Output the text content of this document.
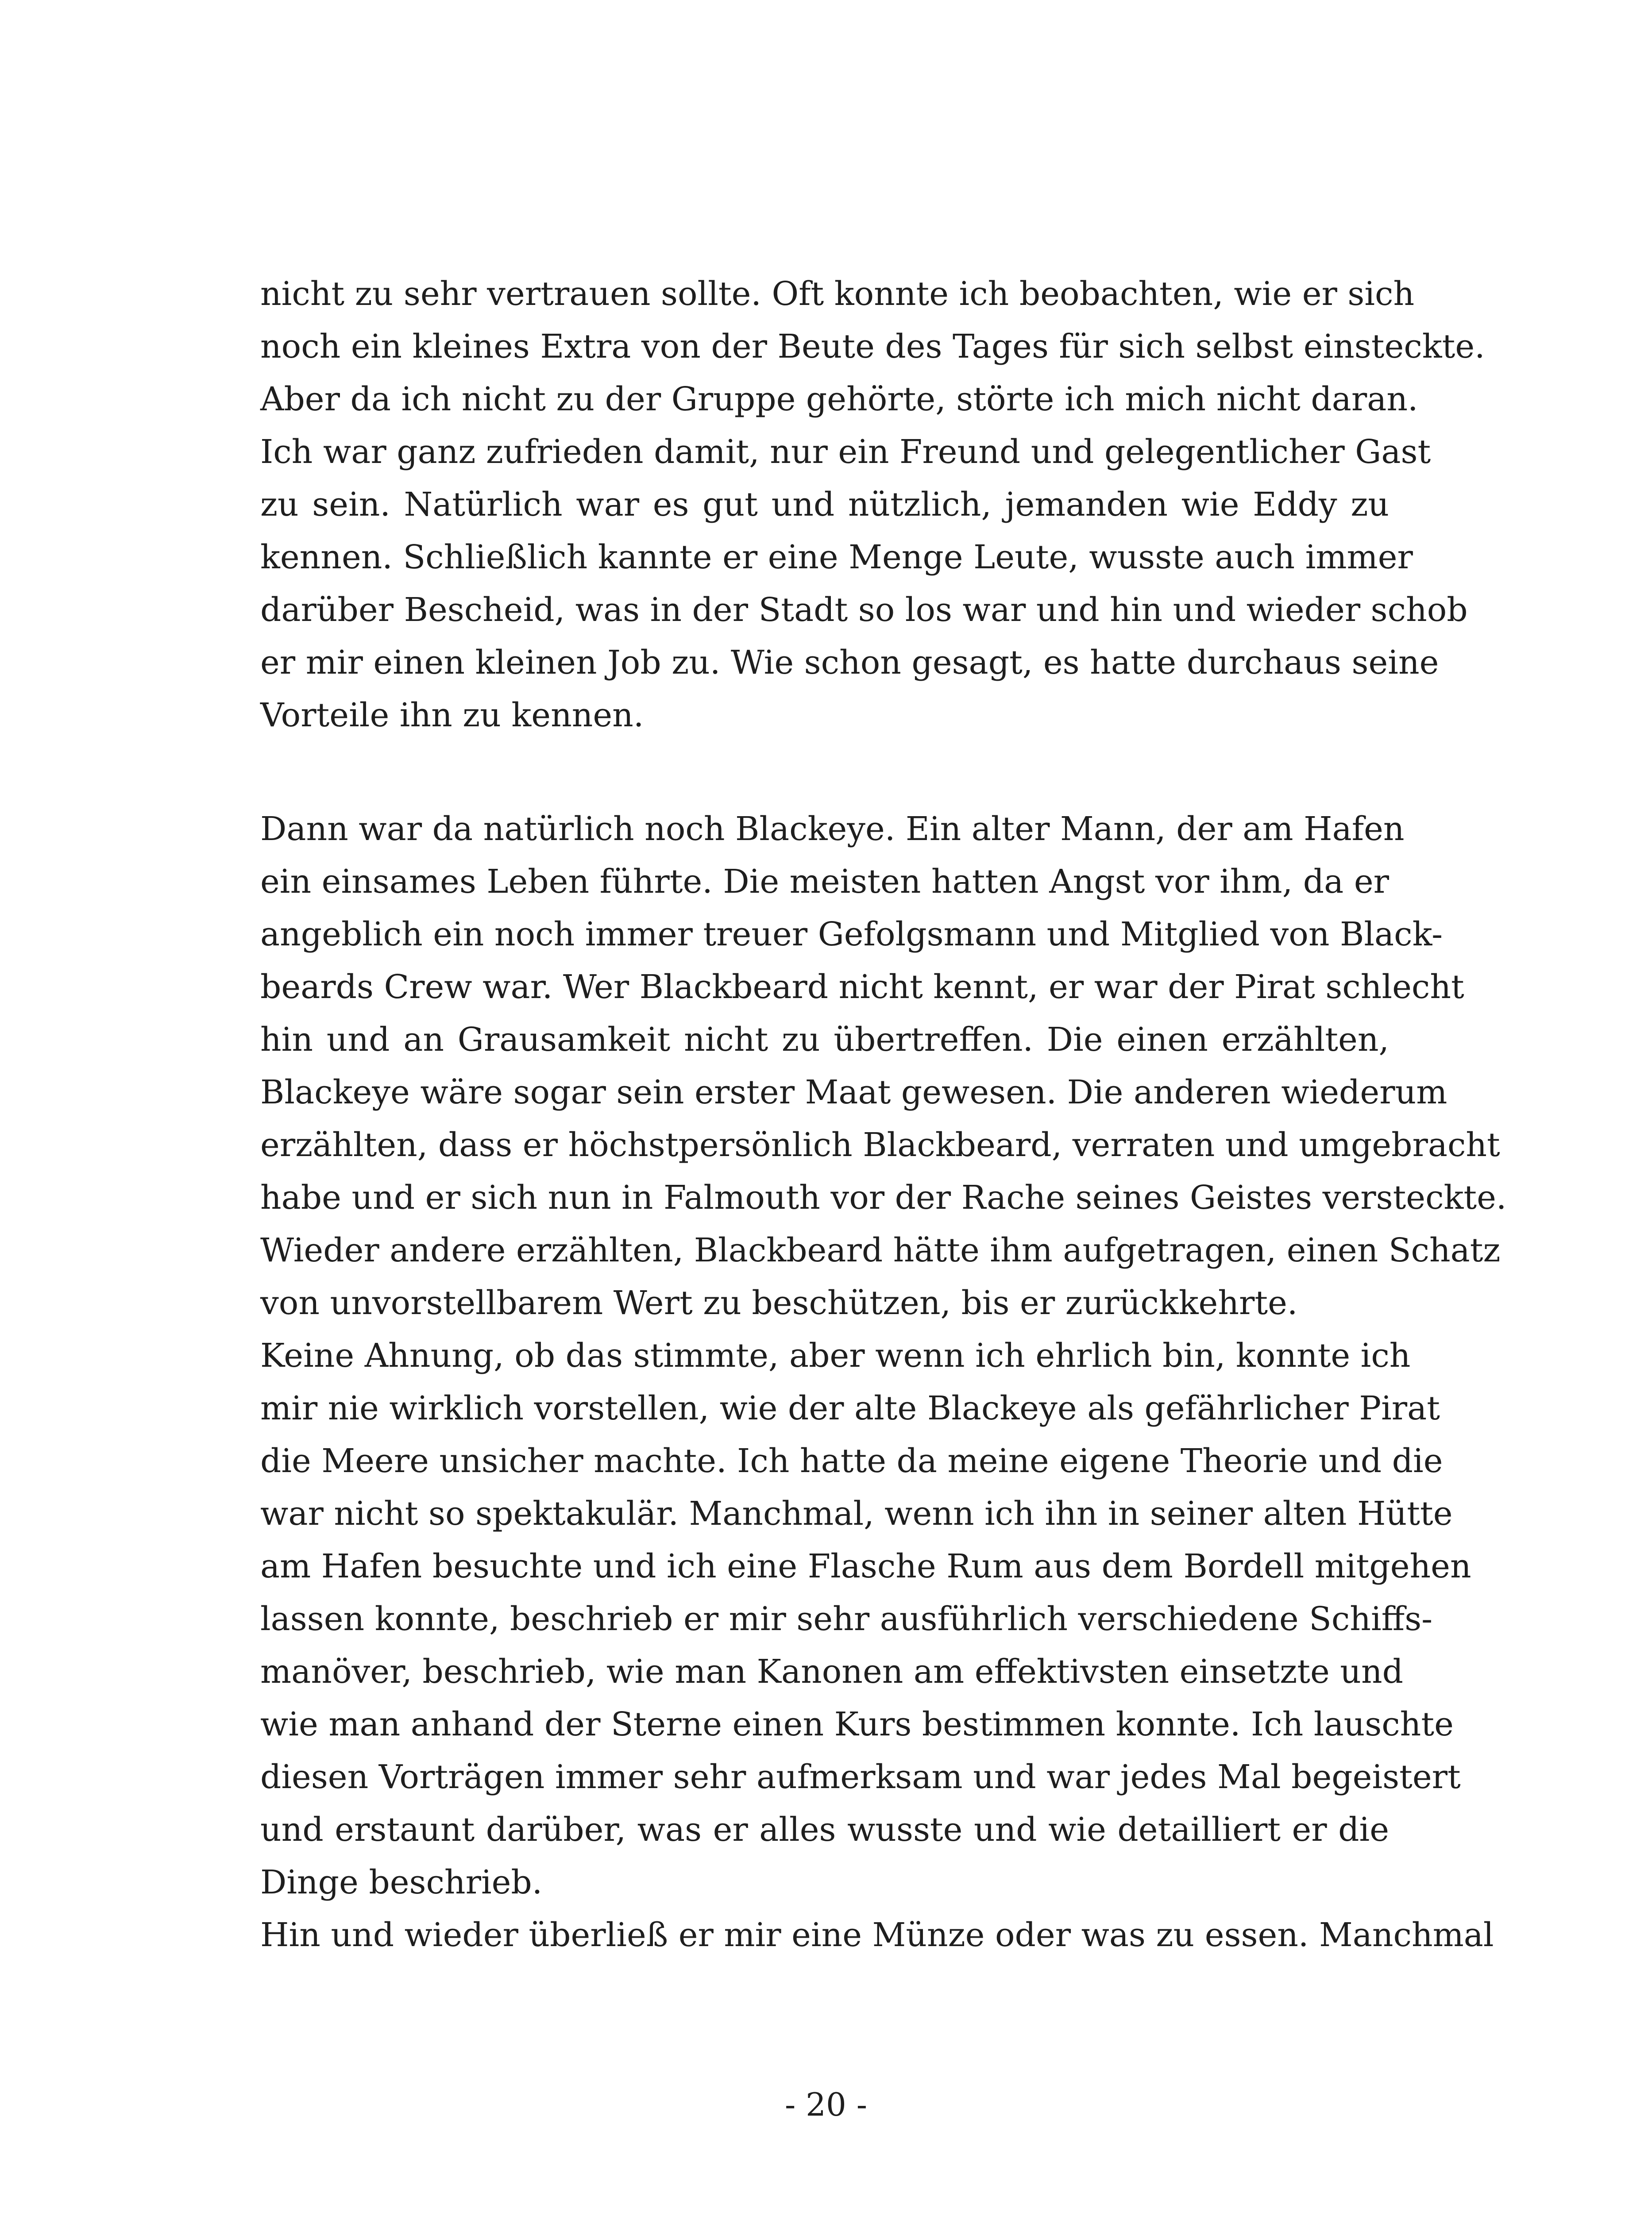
nicht zu sehr vertrauen sollte. Oft konnte ich beobachten, wie er sich
noch ein kleines Extra von der Beute des Tages für sich selbst einsteckte.
Aber da ich nicht zu der Gruppe gehörte, störte ich mich nicht daran.
Ich war ganz zufrieden damit, nur ein Freund und gelegentlicher Gast
zu sein. Natürlich war es gut und nützlich, jemanden wie Eddy zu
kennen. Schließlich kannte er eine Menge Leute, wusste auch immer
darüber Bescheid, was in der Stadt so los war und hin und wieder schob
er mir einen kleinen Job zu. Wie schon gesagt, es hatte durchaus seine
Vorteile ihn zu kennen.
Dann war da natürlich noch Blackeye. Ein alter Mann, der am Hafen
ein einsames Leben führte. Die meisten hatten Angst vor ihm, da er
angeblich ein noch immer treuer Gefolgsmann und Mitglied von Black-
beards Crew war. Wer Blackbeard nicht kennt, er war der Pirat schlecht
hin und an Grausamkeit nicht zu übertreffen. Die einen erzählten,
Blackeye wäre sogar sein erster Maat gewesen. Die anderen wiederum
erzählten, dass er höchstpersönlich Blackbeard, verraten und umgebracht
habe und er sich nun in Falmouth vor der Rache seines Geistes versteckte.
Wieder andere erzählten, Blackbeard hätte ihm aufgetragen, einen Schatz
von unvorstellbarem Wert zu beschützen, bis er zurückkehrte.
Keine Ahnung, ob das stimmte, aber wenn ich ehrlich bin, konnte ich
mir nie wirklich vorstellen, wie der alte Blackeye als gefährlicher Pirat
die Meere unsicher machte. Ich hatte da meine eigene Theorie und die
war nicht so spektakulär. Manchmal, wenn ich ihn in seiner alten Hütte
am Hafen besuchte und ich eine Flasche Rum aus dem Bordell mitgehen
lassen konnte, beschrieb er mir sehr ausführlich verschiedene Schiffs-
manöver, beschrieb, wie man Kanonen am effektivsten einsetzte und
wie man anhand der Sterne einen Kurs bestimmen konnte. Ich lauschte
diesen Vorträgen immer sehr aufmerksam und war jedes Mal begeistert
und erstaunt darüber, was er alles wusste und wie detailliert er die
Dinge beschrieb.
Hin und wieder überließ er mir eine Münze oder was zu essen. Manchmal
- 20 -
